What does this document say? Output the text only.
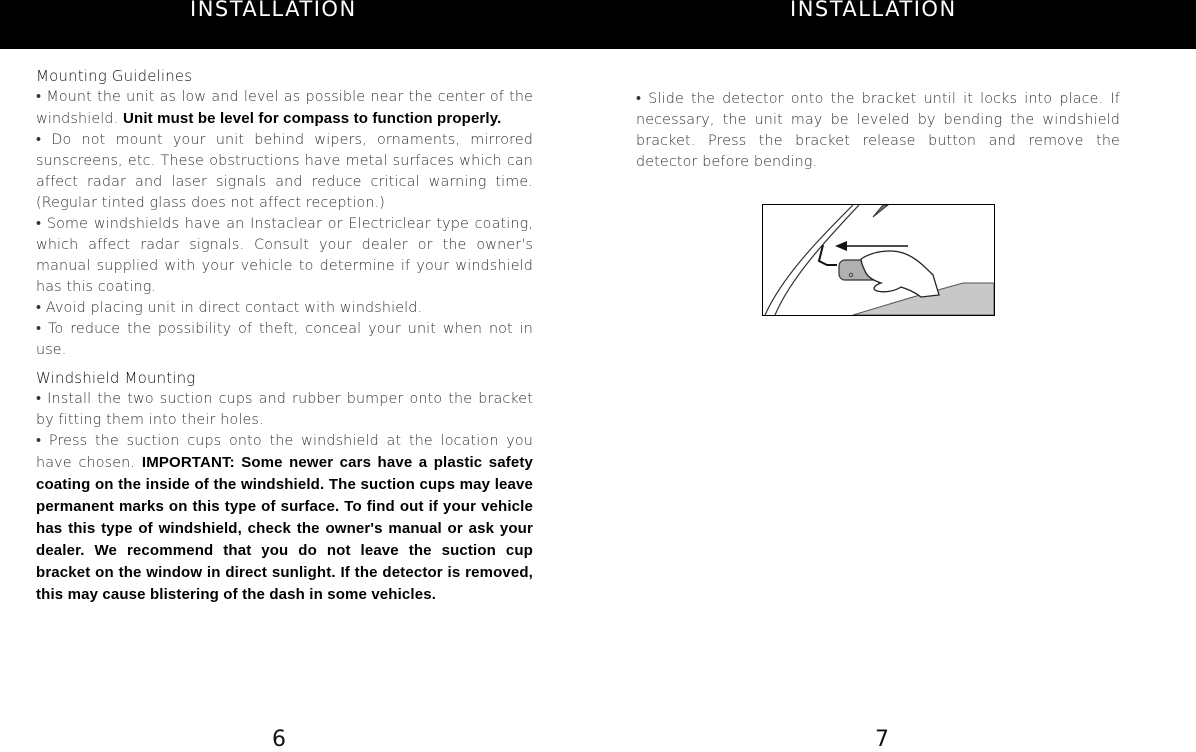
INSTALLATION	INSTALLATION

Mounting Guidelines

• Mount the unit as low and level as possible near the center of the windshield. Unit must be level for compass to function properly.

• Do not mount your unit behind wipers, ornaments, mirrored sunscreens, etc. These obstructions have metal surfaces which can affect radar and laser signals and reduce critical warning time. (Regular tinted glass does not affect reception.)

• Some windshields have an Instaclear or Electriclear type coating, which affect radar signals. Consult your dealer or the owner's manual supplied with your vehicle to determine if your windshield has this coating.

• Avoid placing unit in direct contact with windshield.

• To reduce the possibility of theft, conceal your unit when not in use.

Windshield Mounting

• Install the two suction cups and rubber bumper onto the bracket by fitting them into their holes.

• Press the suction cups onto the windshield at the location you have chosen. IMPORTANT: Some newer cars have a plastic safety coating on the inside of the windshield. The suction cups may leave permanent marks on this type of surface. To find out if your vehicle has this type of windshield, check the owner's manual or ask your dealer. We recommend that you do not leave the suction cup bracket on the window in direct sunlight. If the detector is removed, this may cause blistering of the dash in some vehicles.

• Slide the detector onto the bracket until it locks into place. If necessary, the unit may be leveled by bending the windshield bracket. Press the bracket release button and remove the detector before bending.

6	7
